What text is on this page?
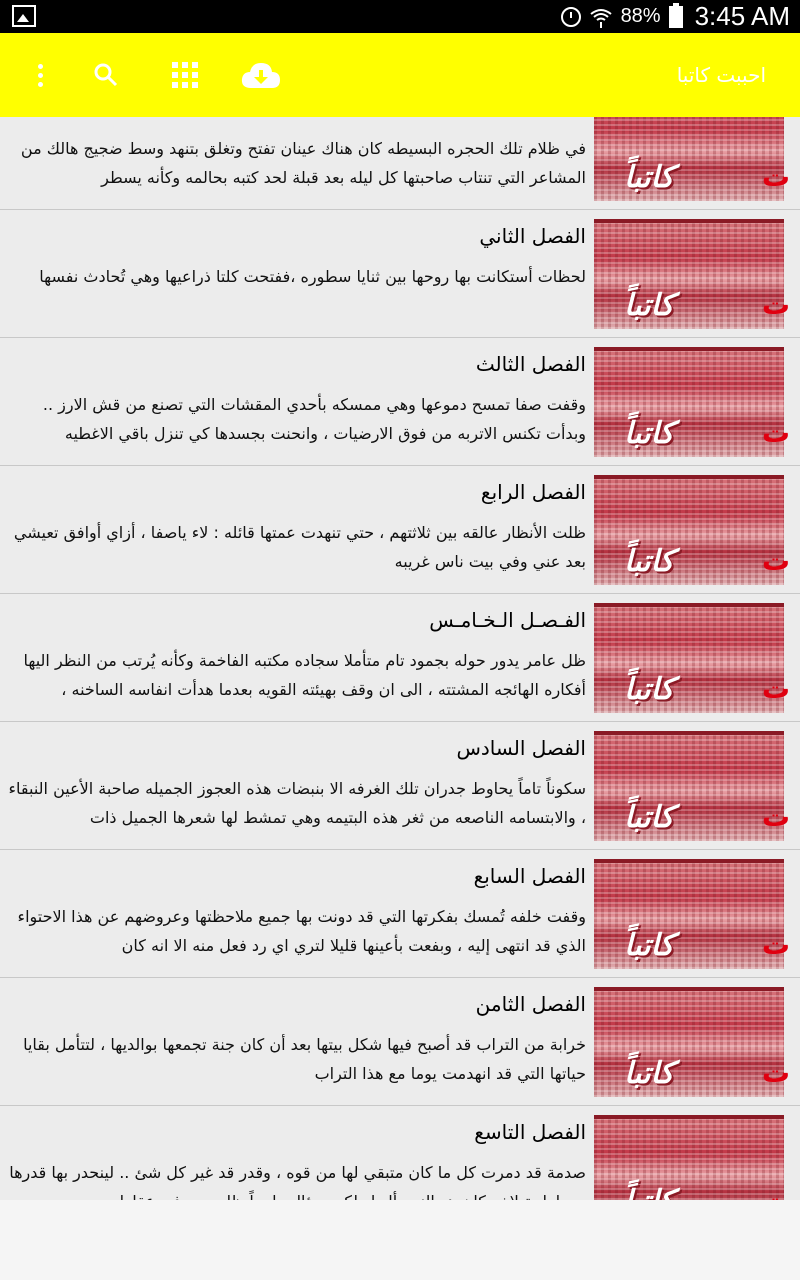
88% 3:45 AM
احببت كاتبا
كاتباً	ت
في ظلام تلك الحجره البسيطه كان هناك عينان تفتح وتغلق بتنهد وسط ضجيج هالك من المشاعر التي تنتاب صاحبتها كل ليله بعد قبلة لحد كتبه بحالمه وكأنه يسطر
كاتباً	ت
الفصل الثاني
لحظات أستكانت بها روحها بين ثنايا سطوره ،ففتحت كلتا ذراعيها وهي تُحادث نفسها
كاتباً	ت
الفصل الثالث
وقفت صفا تمسح دموعها وهي ممسكه بأحدي المقشات التي تصنع من قش الارز .. وبدأت تكنس الاتربه من فوق الارضيات ، وانحنت بجسدها كي تنزل باقي الاغطيه
كاتباً	ت
الفصل الرابع
ظلت الأنظار عالقه بين ثلاثتهم ، حتي تنهدت عمتها قائله : لاء ياصفا ، أزاي أوافق تعيشي بعد عني وفي بيت ناس غريبه
كاتباً	ت
الفـصـل الـخـامـس
ظل عامر يدور حوله بجمود تام متأملا سجاده مكتبه الفاخمة وكأنه يُرتب من النظر اليها أفكاره الهائجه المشتته ، الى ان وقف بهيئته القويه بعدما هدأت انفاسه الساخنه ،
كاتباً	ت
الفصل السادس
سكوناً تاماً يحاوط جدران تلك الغرفه الا بنبضات هذه العجوز الجميله صاحبة الأعين النبقاء ، والابتسامه الناصعه من ثغر هذه البتيمه وهي تمشط لها شعرها الجميل ذات
كاتباً	ت
الفصل السابع
وقفت خلفه تُمسك بفكرتها التي قد دونت بها جميع ملاحظتها وعروضهم عن هذا الاحتواء الذي قد انتهى إليه ، وبفعت بأعينها قليلا لتري اي رد فعل منه الا انه كان
كاتباً	ت
الفصل الثامن
خرابة من التراب قد أصبح فيها شكل بيتها بعد أن كان جنة تجمعها بوالديها ، لتتأمل بقايا حياتها التي قد انهدمت يوما مع هذا التراب
الفصل التاسع
صدمة قد دمرت كل ما كان متبقي لها من قوه ، وقدر قد غير كل شئ .. لينحدر بها قدرها
